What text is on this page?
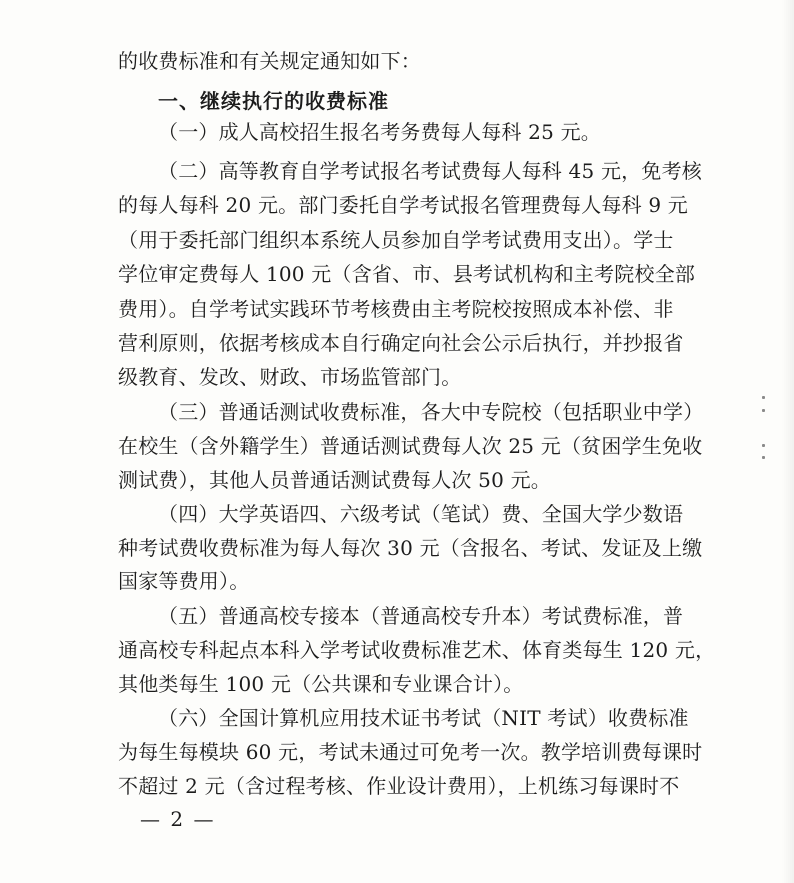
的收费标准和有关规定通知如下：
一、继续执行的收费标准
（一）成人高校招生报名考务费每人每科 25 元。
（二）高等教育自学考试报名考试费每人每科 45 元，免考核
的每人每科 20 元。部门委托自学考试报名管理费每人每科 9 元
（用于委托部门组织本系统人员参加自学考试费用支出）。学士
学位审定费每人 100 元（含省、市、县考试机构和主考院校全部
费用）。自学考试实践环节考核费由主考院校按照成本补偿、非
营利原则，依据考核成本自行确定向社会公示后执行，并抄报省
级教育、发改、财政、市场监管部门。
（三）普通话测试收费标准，各大中专院校（包括职业中学）
在校生（含外籍学生）普通话测试费每人次 25 元（贫困学生免收
测试费），其他人员普通话测试费每人次 50 元。
（四）大学英语四、六级考试（笔试）费、全国大学少数语
种考试费收费标准为每人每次 30 元（含报名、考试、发证及上缴
国家等费用）。
（五）普通高校专接本（普通高校专升本）考试费标准，普
通高校专科起点本科入学考试收费标准艺术、体育类每生 120 元，
其他类每生 100 元（公共课和专业课合计）。
（六）全国计算机应用技术证书考试（NIT 考试）收费标准
为每生每模块 60 元，考试未通过可免考一次。教学培训费每课时
不超过 2 元（含过程考核、作业设计费用），上机练习每课时不
— 2 —
